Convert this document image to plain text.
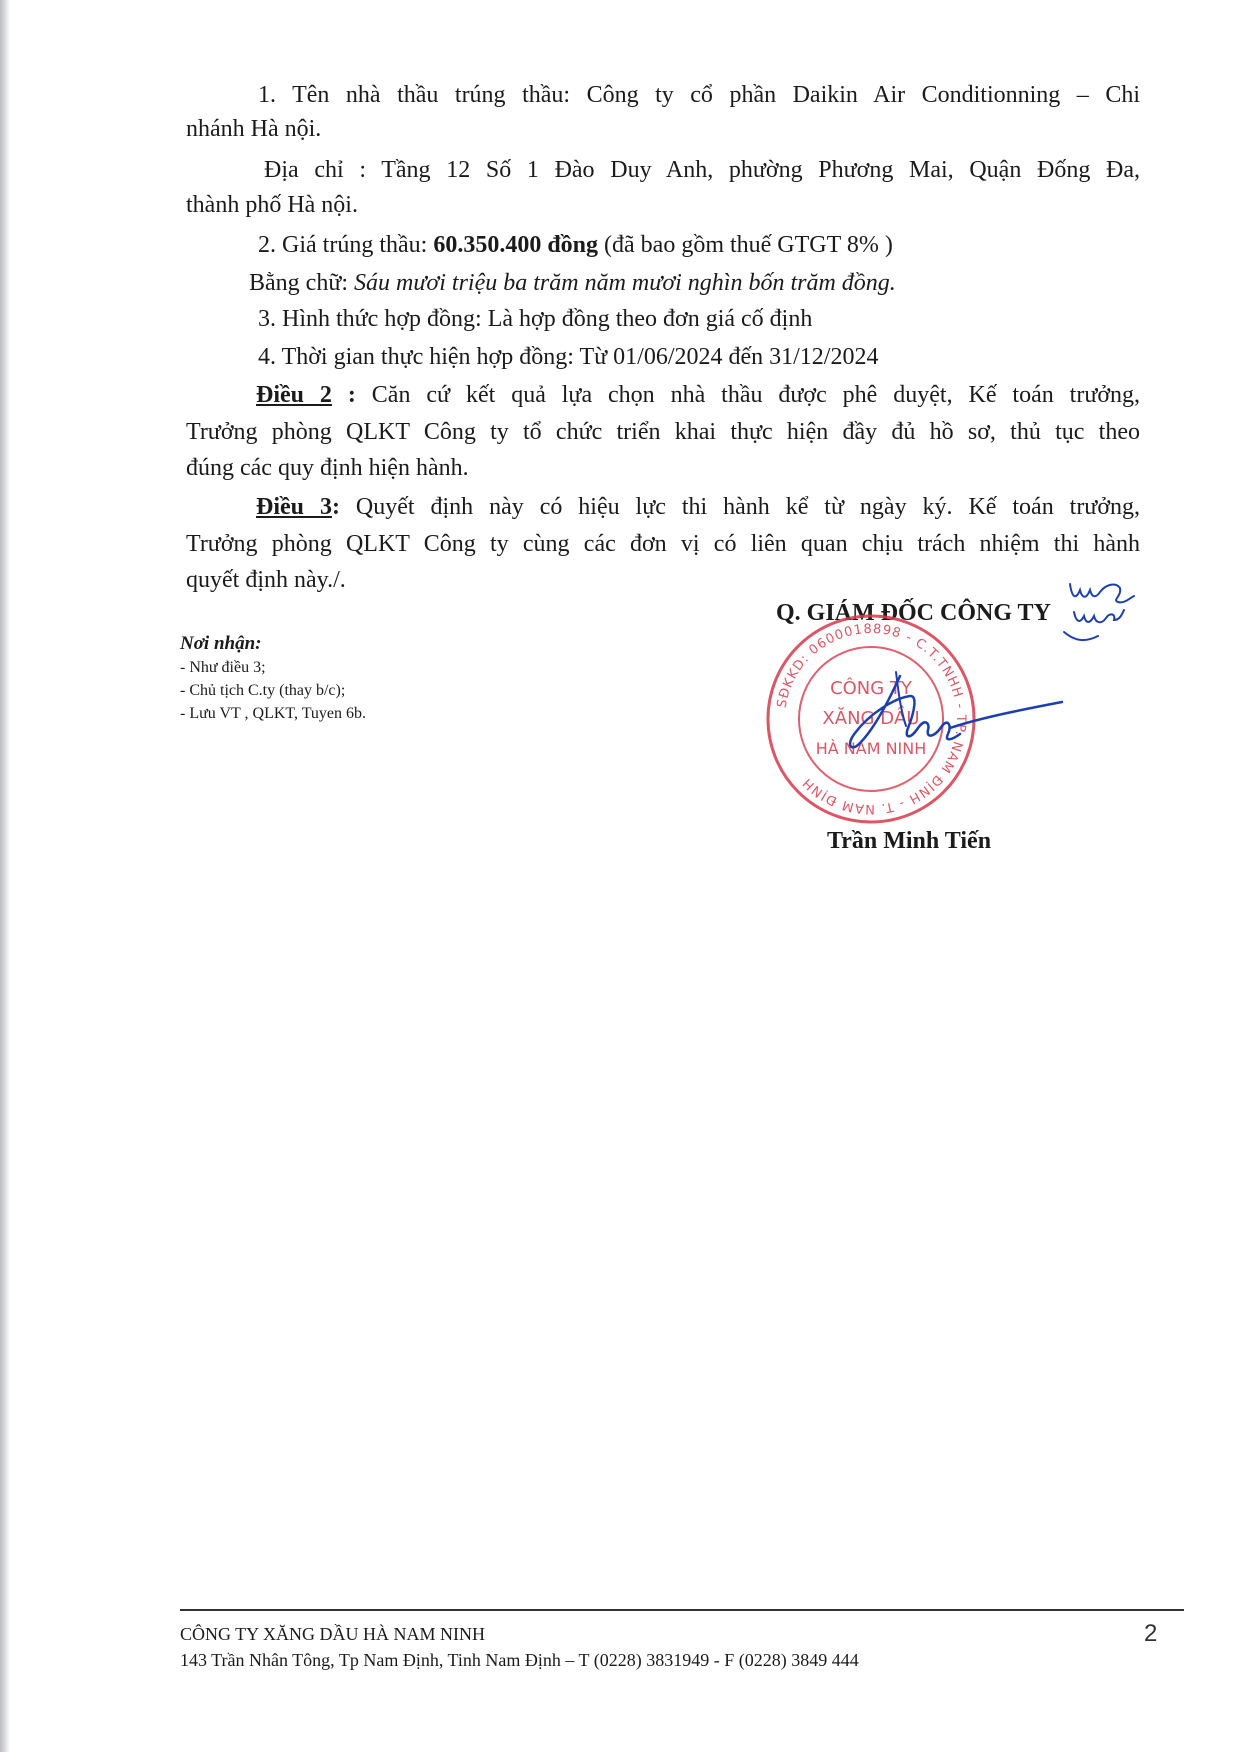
1. Tên nhà thầu trúng thầu: Công ty cổ phần Daikin Air Conditionning – Chi

nhánh Hà nội.

Địa chỉ : Tầng 12 Số 1 Đào Duy Anh, phường Phương Mai, Quận Đống Đa,

thành phố Hà nội.

2. Giá trúng thầu: 60.350.400 đồng (đã bao gồm thuế GTGT 8% )

Bằng chữ: Sáu mươi triệu ba trăm năm mươi nghìn bốn trăm đồng.

3. Hình thức hợp đồng: Là hợp đồng theo đơn giá cố định

4. Thời gian thực hiện hợp đồng: Từ 01/06/2024 đến 31/12/2024

Điều 2 : Căn cứ kết quả lựa chọn nhà thầu được phê duyệt, Kế toán trưởng,

Trưởng phòng QLKT Công ty tổ chức triển khai thực hiện đầy đủ hồ sơ, thủ tục theo

đúng các quy định hiện hành.

Điều 3: Quyết định này có hiệu lực thi hành kể từ ngày ký. Kế toán trưởng,

Trưởng phòng QLKT Công ty cùng các đơn vị có liên quan chịu trách nhiệm thi hành

quyết định này./.

Nơi nhận:
- Như điều 3;
- Chủ tịch C.ty (thay b/c);
- Lưu VT , QLKT, Tuyen 6b.
Q. GIÁM ĐỐC CÔNG TY
SĐKKD: 0600018898 - C.T.TNHH - TP. NAM ĐỊNH - T. NAM ĐỊNH
CÔNG TY
XĂNG DẦU
HÀ NAM NINH
Trần Minh Tiến
CÔNG TY XĂNG DẦU HÀ NAM NINH
143 Trần Nhân Tông, Tp Nam Định, Tinh Nam Định – T (0228) 3831949 - F (0228) 3849 444
2
